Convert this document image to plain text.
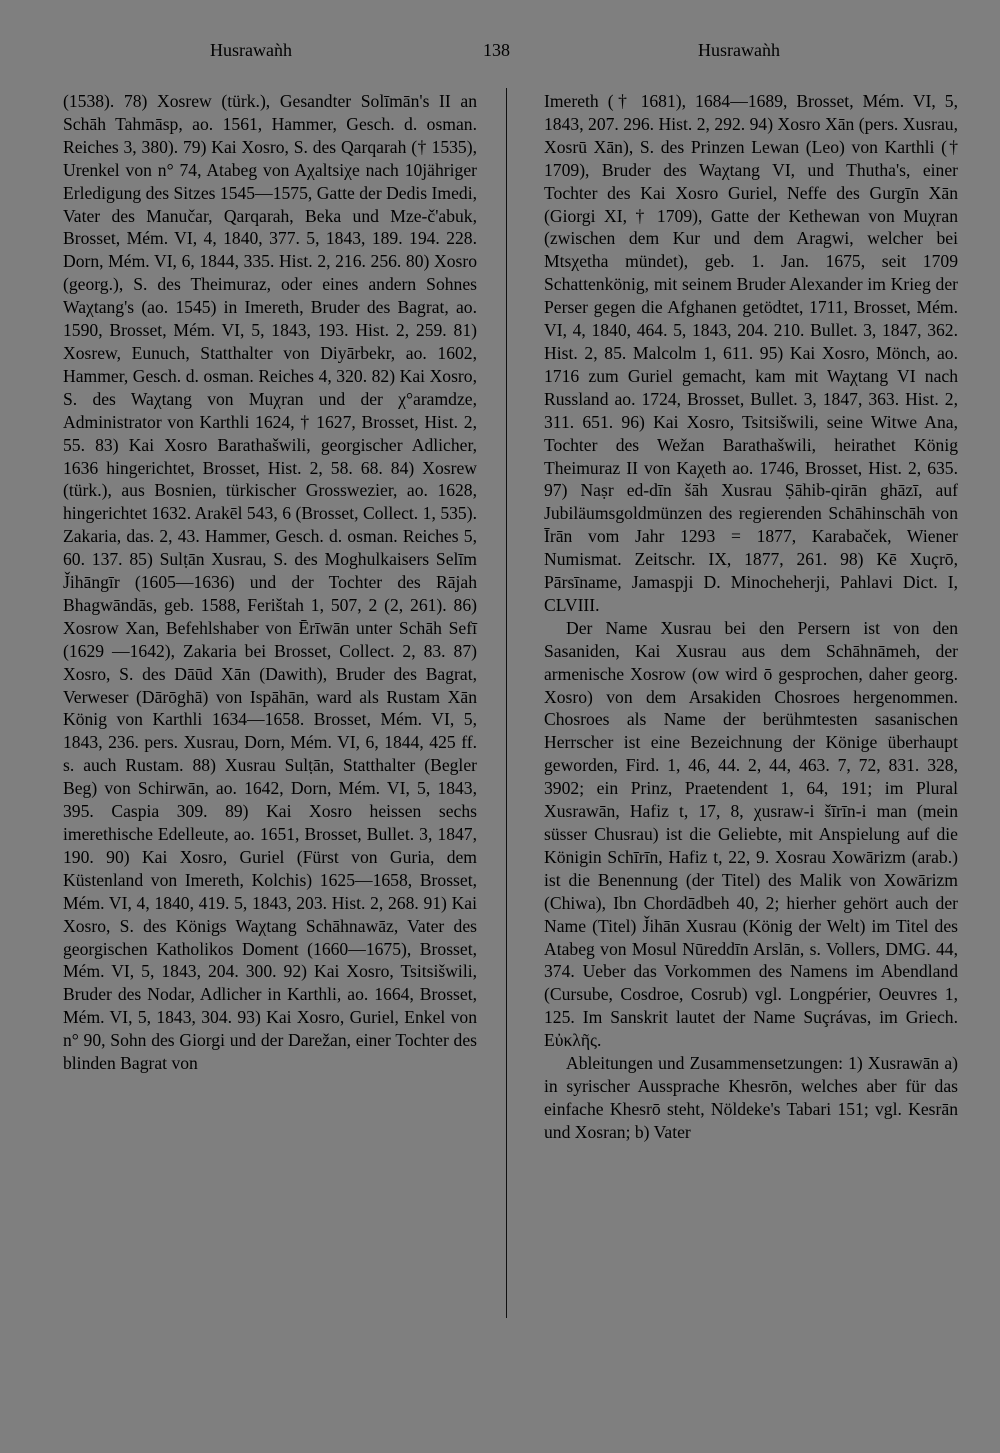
Husrawaǹh	138	Husrawaǹh

(1538). 78) Xosrew (türk.), Gesandter Solīmān's II an Schāh Tahmāsp, ao. 1561, Hammer, Gesch. d. osman. Reiches 3, 380). 79) Kai Xosro, S. des Qarqarah († 1535), Urenkel von n° 74, Atabeg von Aχaltsiχe nach 10jähriger Erledigung des Sitzes 1545—1575, Gatte der Dedis Imedi, Vater des Manučar, Qarqarah, Beka und Mze-č'abuk, Brosset, Mém. VI, 4, 1840, 377. 5, 1843, 189. 194. 228. Dorn, Mém. VI, 6, 1844, 335. Hist. 2, 216. 256. 80) Xosro (georg.), S. des Theimuraz, oder eines andern Sohnes Waχtang's (ao. 1545) in Imereth, Bruder des Bagrat, ao. 1590, Brosset, Mém. VI, 5, 1843, 193. Hist. 2, 259. 81) Xosrew, Eunuch, Statthalter von Diyārbekr, ao. 1602, Hammer, Gesch. d. osman. Reiches 4, 320. 82) Kai Xosro, S. des Waχtang von Muχran und der χ°aramdze, Administrator von Karthli 1624, † 1627, Brosset, Hist. 2, 55. 83) Kai Xosro Barathašwili, georgischer Adlicher, 1636 hingerichtet, Brosset, Hist. 2, 58. 68. 84) Xosrew (türk.), aus Bosnien, türkischer Grosswezier, ao. 1628, hingerichtet 1632. Arakēl 543, 6 (Brosset, Collect. 1, 535). Zakaria, das. 2, 43. Hammer, Gesch. d. osman. Reiches 5, 60. 137. 85) Sulṭān Xusrau, S. des Moghulkaisers Selīm J̌ihāngīr (1605—1636) und der Tochter des Rājah Bhagwāndās, geb. 1588, Ferištah 1, 507, 2 (2, 261). 86) Xosrow Xan, Befehlshaber von Ērīwān unter Schāh Sefī (1629 —1642), Zakaria bei Brosset, Collect. 2, 83. 87) Xosro, S. des Dāūd Xān (Dawith), Bruder des Bagrat, Verweser (Dārōghā) von Ispāhān, ward als Rustam Xān König von Karthli 1634—1658. Brosset, Mém. VI, 5, 1843, 236. pers. Xusrau, Dorn, Mém. VI, 6, 1844, 425 ff. s. auch Rustam. 88) Xusrau Sulṭān, Statthalter (Begler Beg) von Schirwān, ao. 1642, Dorn, Mém. VI, 5, 1843, 395. Caspia 309. 89) Kai Xosro heissen sechs imerethische Edelleute, ao. 1651, Brosset, Bullet. 3, 1847, 190. 90) Kai Xosro, Guriel (Fürst von Guria, dem Küstenland von Imereth, Kolchis) 1625—1658, Brosset, Mém. VI, 4, 1840, 419. 5, 1843, 203. Hist. 2, 268. 91) Kai Xosro, S. des Königs Waχtang Schāhnawāz, Vater des georgischen Katholikos Doment (1660—1675), Brosset, Mém. VI, 5, 1843, 204. 300. 92) Kai Xosro, Tsitsišwili, Bruder des Nodar, Adlicher in Karthli, ao. 1664, Brosset, Mém. VI, 5, 1843, 304. 93) Kai Xosro, Guriel, Enkel von n° 90, Sohn des Giorgi und der Darežan, einer Tochter des blinden Bagrat von

Imereth († 1681), 1684—1689, Brosset, Mém. VI, 5, 1843, 207. 296. Hist. 2, 292. 94) Xosro Xān (pers. Xusrau, Xosrū Xān), S. des Prinzen Lewan (Leo) von Karthli († 1709), Bruder des Waχtang VI, und Thutha's, einer Tochter des Kai Xosro Guriel, Neffe des Gurgīn Xān (Giorgi XI, † 1709), Gatte der Kethewan von Muχran (zwischen dem Kur und dem Aragwi, welcher bei Mtsχetha mündet), geb. 1. Jan. 1675, seit 1709 Schattenkönig, mit seinem Bruder Alexander im Krieg der Perser gegen die Afghanen getödtet, 1711, Brosset, Mém. VI, 4, 1840, 464. 5, 1843, 204. 210. Bullet. 3, 1847, 362. Hist. 2, 85. Malcolm 1, 611. 95) Kai Xosro, Mönch, ao. 1716 zum Guriel gemacht, kam mit Waχtang VI nach Russland ao. 1724, Brosset, Bullet. 3, 1847, 363. Hist. 2, 311. 651. 96) Kai Xosro, Tsitsišwili, seine Witwe Ana, Tochter des Wežan Barathašwili, heirathet König Theimuraz II von Kaχeth ao. 1746, Brosset, Hist. 2, 635. 97) Naṣr ed-dīn šāh Xusrau Ṣāhib-qirān ghāzī, auf Jubiläumsgoldmünzen des regierenden Schāhinschāh von Īrān vom Jahr 1293 = 1877, Karabaček, Wiener Numismat. Zeitschr. IX, 1877, 261. 98) Kē Xuçrō, Pārsīname, Jamaspji D. Minocheherji, Pahlavi Dict. I, CLVIII.

Der Name Xusrau bei den Persern ist von den Sasaniden, Kai Xusrau aus dem Schāhnāmeh, der armenische Xosrow (ow wird ō gesprochen, daher georg. Xosro) von dem Arsakiden Chosroes hergenommen. Chosroes als Name der berühmtesten sasanischen Herrscher ist eine Bezeichnung der Könige überhaupt geworden, Fird. 1, 46, 44. 2, 44, 463. 7, 72, 831. 328, 3902; ein Prinz, Praetendent 1, 64, 191; im Plural Xusrawān, Hafiz t, 17, 8, χusraw-i šīrīn-i man (mein süsser Chusrau) ist die Geliebte, mit Anspielung auf die Königin Schīrīn, Hafiz t, 22, 9. Xosrau Xowārizm (arab.) ist die Benennung (der Titel) des Malik von Xowārizm (Chiwa), Ibn Chordādbeh 40, 2; hierher gehört auch der Name (Titel) J̌ihān Xusrau (König der Welt) im Titel des Atabeg von Mosul Nūreddīn Arslān, s. Vollers, DMG. 44, 374. Ueber das Vorkommen des Namens im Abendland (Cursube, Cosdroe, Cosrub) vgl. Longpérier, Oeuvres 1, 125. Im Sanskrit lautet der Name Suçrávas, im Griech. Εὐκλῆς.

Ableitungen und Zusammensetzungen: 1) Xusrawān a) in syrischer Aussprache Khesrōn, welches aber für das einfache Khesrō steht, Nöldeke's Tabari 151; vgl. Kesrān und Xosran; b) Vater
